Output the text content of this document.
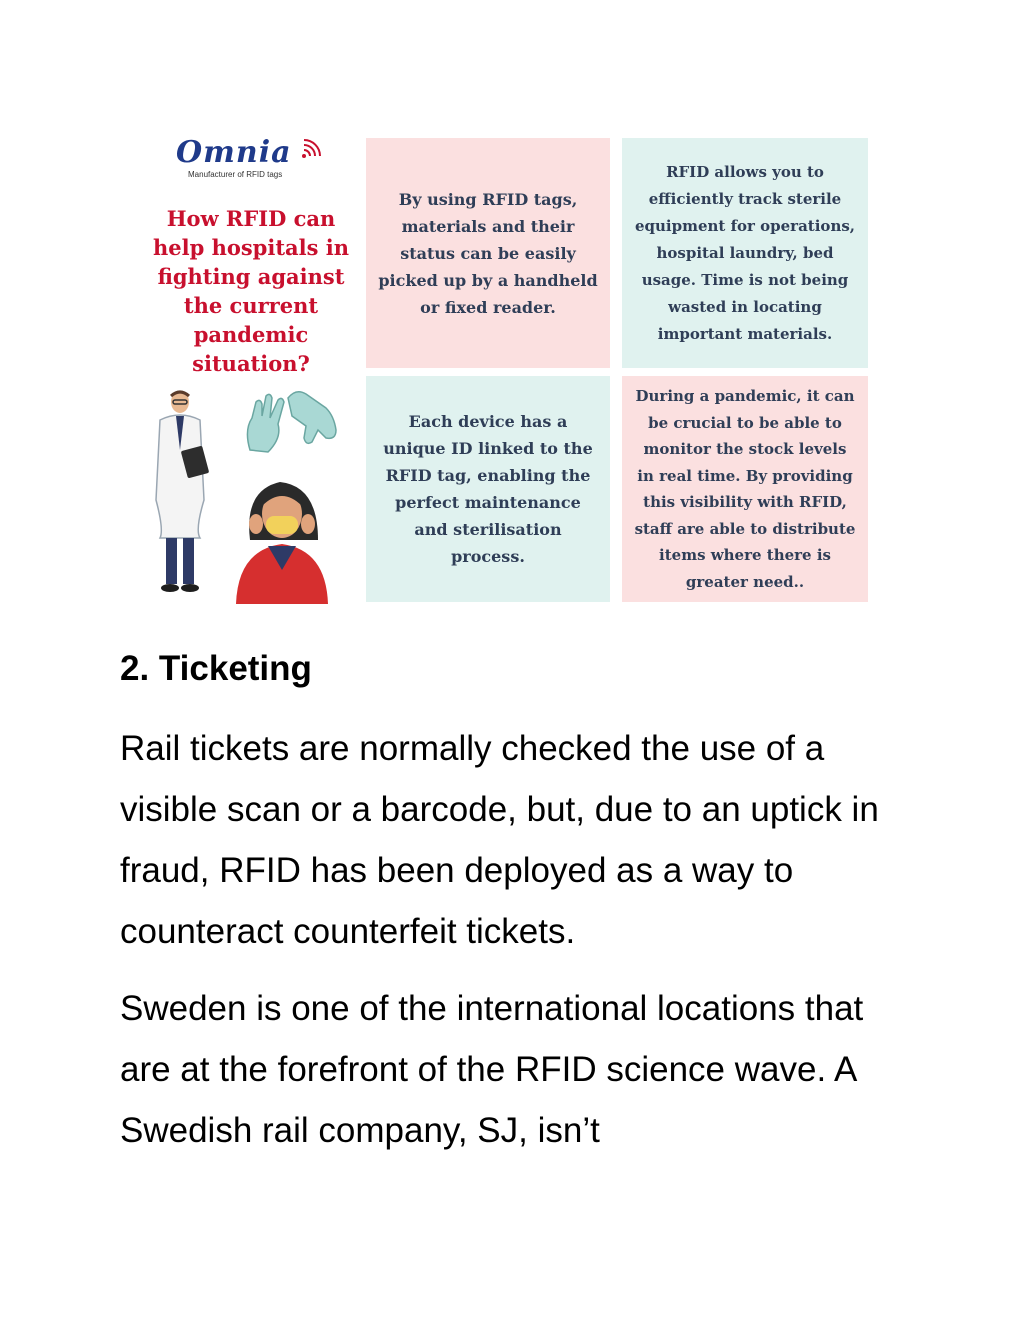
Omnia
Manufacturer of RFID tags
How RFID can help hospitals in fighting against the current pandemic situation?
By using RFID tags, materials and their status can be easily picked up by a handheld or fixed reader.
RFID allows you to efficiently track sterile equipment for operations, hospital laundry, bed usage. Time is not being wasted in locating important materials.
Each device has a unique ID linked to the RFID tag, enabling the perfect maintenance and sterilisation process.
During a pandemic, it can be crucial to be able to monitor the stock levels in real time. By providing this visibility with RFID, staff are able to distribute items where there is greater need..
2. Ticketing

Rail tickets are normally checked the use of a visible scan or a barcode, but, due to an uptick in fraud, RFID has been deployed as a way to counteract counterfeit tickets.

Sweden is one of the international locations that are at the forefront of the RFID science wave. A Swedish rail company, SJ, isn’t
